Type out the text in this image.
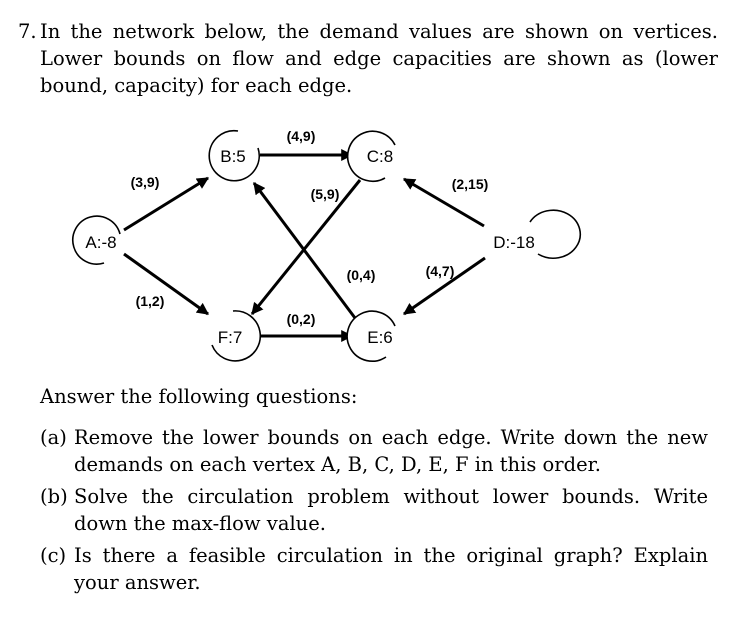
7. In the network below, the demand values are shown on vertices. Lower bounds on flow and edge capacities are shown as (lower bound, capacity) for each edge.
A:-8
B:5	C:8
D:-18
E:6
F:7
(3,9)
(1,2)
(4,9)
(5,9)
(0,4)
(2,15)
(4,7)
(0,2)
Answer the following questions:
(a) Remove the lower bounds on each edge. Write down the new demands on each vertex A, B, C, D, E, F in this order.
(b) Solve the circulation problem without lower bounds. Write down the max-flow value.
(c) Is there a feasible circulation in the original graph? Explain your answer.
